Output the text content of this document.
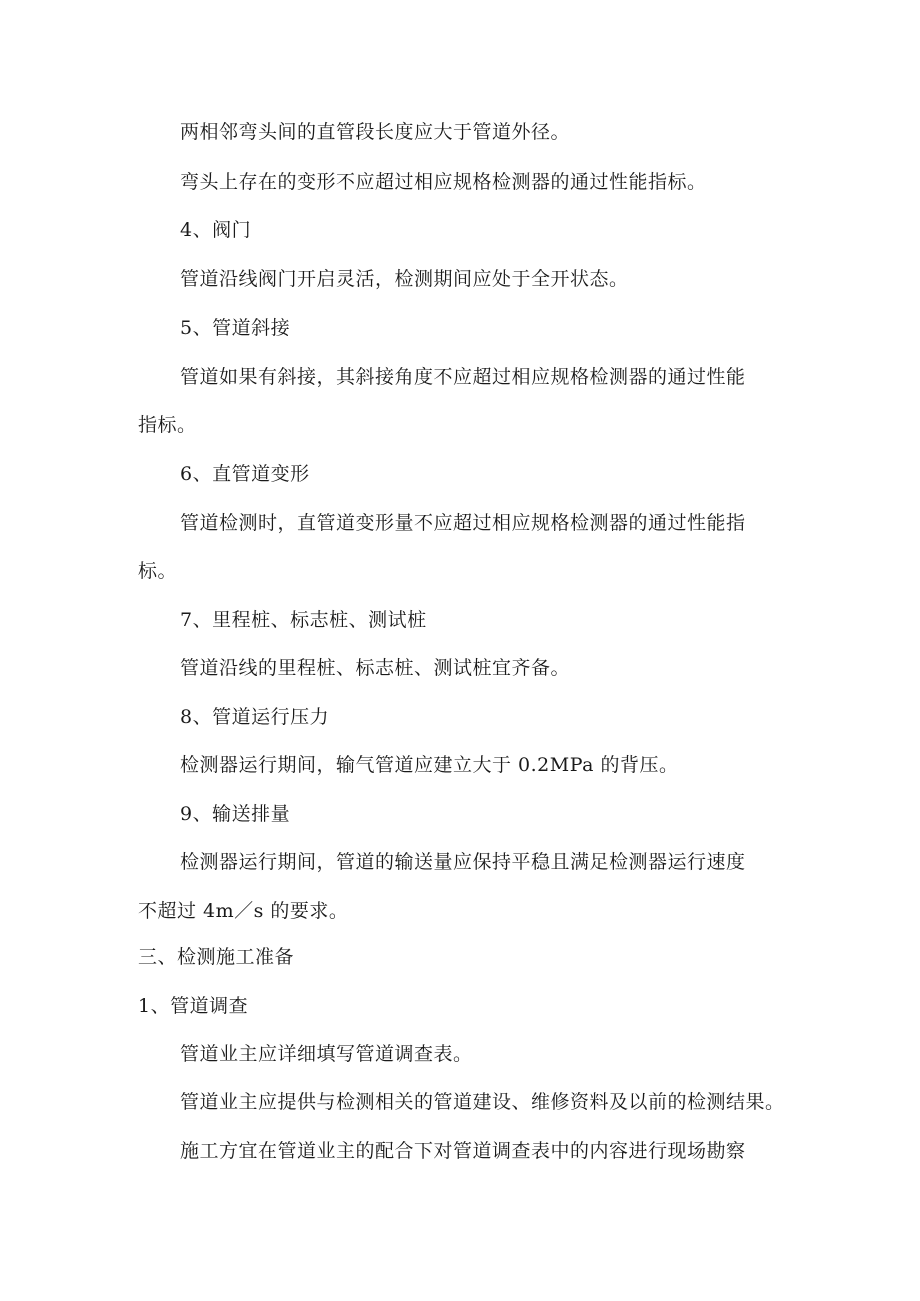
两相邻弯头间的直管段长度应大于管道外径。
弯头上存在的变形不应超过相应规格检测器的通过性能指标。
4、阀门
管道沿线阀门开启灵活，检测期间应处于全开状态。
5、管道斜接
管道如果有斜接，其斜接角度不应超过相应规格检测器的通过性能
指标。
6、直管道变形
管道检测时，直管道变形量不应超过相应规格检测器的通过性能指
标。
7、里程桩、标志桩、测试桩
管道沿线的里程桩、标志桩、测试桩宜齐备。
8、管道运行压力
检测器运行期间，输气管道应建立大于 0.2MPa 的背压。
9、输送排量
检测器运行期间，管道的输送量应保持平稳且满足检测器运行速度
不超过 4m／s 的要求。
三、检测施工准备
1、管道调查
管道业主应详细填写管道调查表。
管道业主应提供与检测相关的管道建设、维修资料及以前的检测结果。
施工方宜在管道业主的配合下对管道调查表中的内容进行现场勘察
